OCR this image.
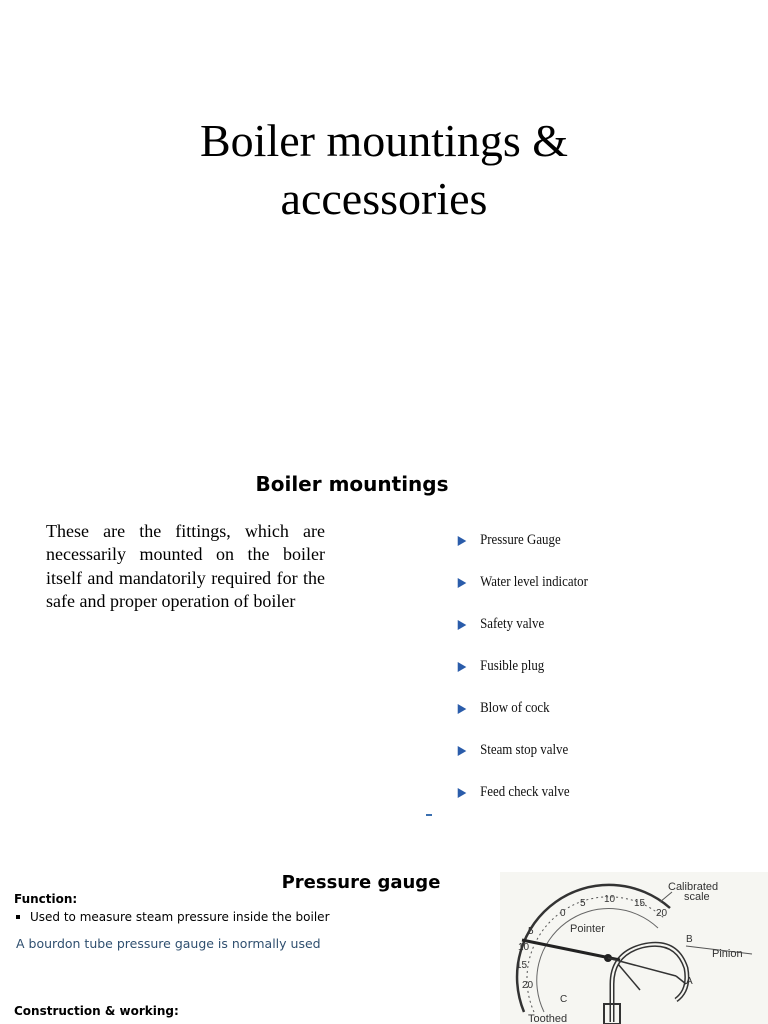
Boiler mountings &
accessories
Boiler mountings

These are the fittings, which are necessarily mounted on the boiler itself and mandatorily required for the safe and proper operation of boiler

Pressure Gauge
Water level indicator
Safety valve
Fusible plug
Blow of cock
Steam stop valve
Feed check valve
Pressure gauge

Function:

Used to measure steam pressure inside the boiler

A bourdon tube pressure gauge is normally used

Construction & working:

0
5 10 15
20
5
10
15
20
Calibrated
scale
Pointer
B
Pinion
A
C
Toothed
